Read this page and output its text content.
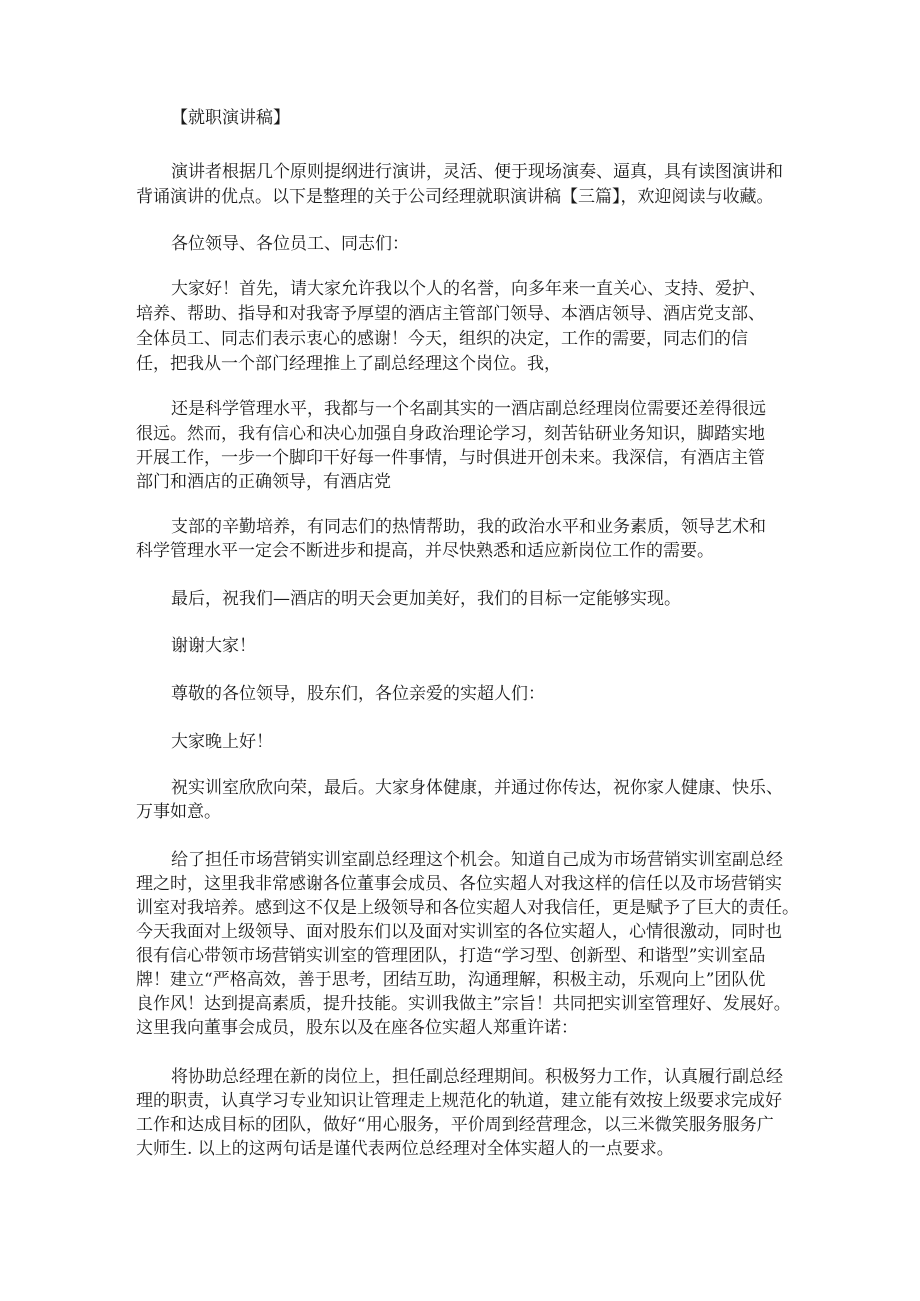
【就职演讲稿】
演讲者根据几个原则提纲进行演讲，灵活、便于现场演奏、逼真，具有读图演讲和
背诵演讲的优点。以下是整理的关于公司经理就职演讲稿【三篇】，欢迎阅读与收藏。
各位领导、各位员工、同志们：
大家好！首先，请大家允许我以个人的名誉，向多年来一直关心、支持、爱护、
培养、帮助、指导和对我寄予厚望的酒店主管部门领导、本酒店领导、酒店党支部、
全体员工、同志们表示衷心的感谢！今天，组织的决定，工作的需要，同志们的信
任，把我从一个部门经理推上了副总经理这个岗位。我，
还是科学管理水平，我都与一个名副其实的一酒店副总经理岗位需要还差得很远
很远。然而，我有信心和决心加强自身政治理论学习，刻苦钻研业务知识，脚踏实地
开展工作，一步一个脚印干好每一件事情，与时俱进开创未来。我深信，有酒店主管
部门和酒店的正确领导，有酒店党
支部的辛勤培养，有同志们的热情帮助，我的政治水平和业务素质，领导艺术和
科学管理水平一定会不断进步和提高，并尽快熟悉和适应新岗位工作的需要。
最后，祝我们—酒店的明天会更加美好，我们的目标一定能够实现。
谢谢大家！
尊敬的各位领导，股东们，各位亲爱的实超人们：
大家晚上好！
祝实训室欣欣向荣，最后。大家身体健康，并通过你传达，祝你家人健康、快乐、
万事如意。
给了担任市场营销实训室副总经理这个机会。知道自己成为市场营销实训室副总经
理之时，这里我非常感谢各位董事会成员、各位实超人对我这样的信任以及市场营销实
训室对我培养。感到这不仅是上级领导和各位实超人对我信任，更是赋予了巨大的责任。
今天我面对上级领导、面对股东们以及面对实训室的各位实超人，心情很激动，同时也
很有信心带领市场营销实训室的管理团队，打造“学习型、创新型、和谐型”实训室品
牌！建立“严格高效，善于思考，团结互助，沟通理解，积极主动，乐观向上”团队优
良作风！达到提高素质，提升技能。实训我做主”宗旨！共同把实训室管理好、发展好。
这里我向董事会成员，股东以及在座各位实超人郑重许诺：
将协助总经理在新的岗位上，担任副总经理期间。积极努力工作，认真履行副总经
理的职责，认真学习专业知识让管理走上规范化的轨道，建立能有效按上级要求完成好
工作和达成目标的团队，做好“用心服务，平价周到经营理念，以三米微笑服务服务广
大师生. 以上的这两句话是谨代表两位总经理对全体实超人的一点要求。
